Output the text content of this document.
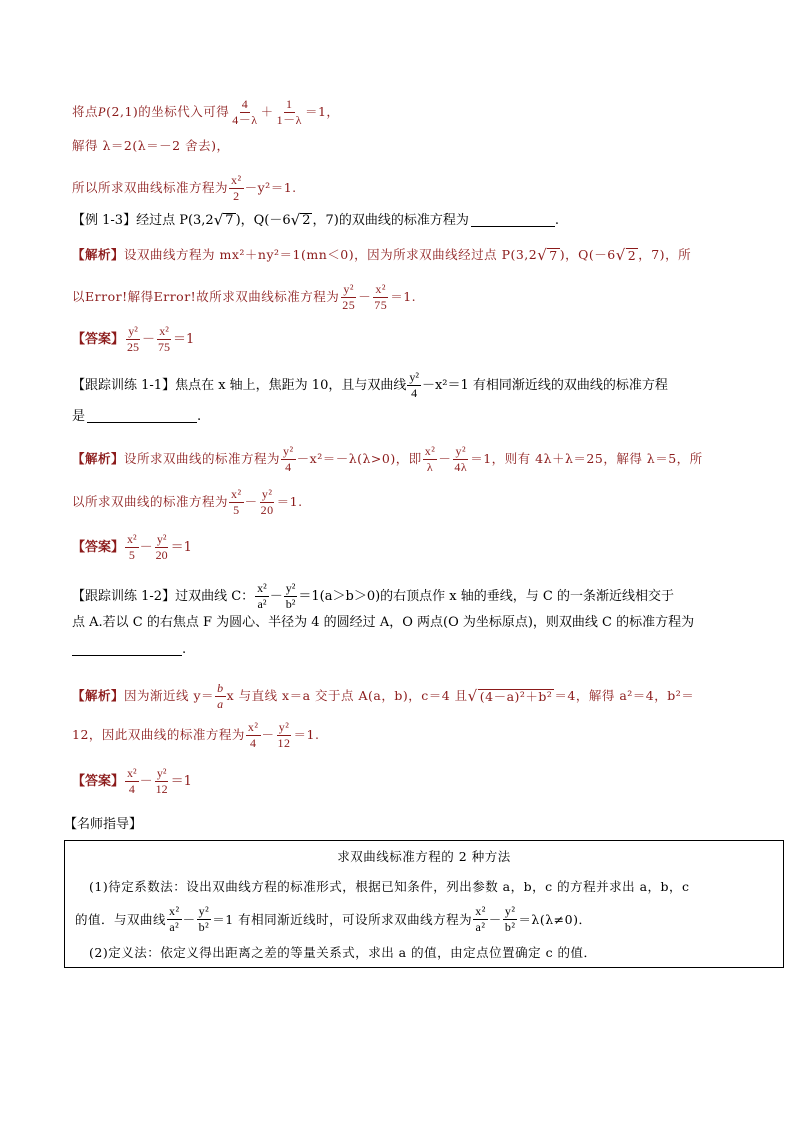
将点 P (2,1)的坐标代入可得 $\frac{4}{4-\lambda} + \frac{1}{1-\lambda} =1$，
解得 λ＝2(λ＝－2 舍去)，
所以所求双曲线标准方程为 $\frac{\text{x²}}{2} -y^2=1$.
【例 1-3】 经过点 P(3,2 √ 7 )，Q(－6 √ 2 ，7)的双曲线的标准方程为	.
【解析】 设双曲线方程为 mx²＋ny²＝1(mn＜0)，因为所求双曲线经过点 P(3,2 √ 7 )，Q(－6 √ 2 ，7)，所
以Error!解得Error!故所求双曲线标准方程为 $\frac{\text{y²}}{25} - \frac{\text{x²}}{75} =1$.
【答案】 $\frac{\text{y²}}{25} - \frac{\text{x²}}{75} =1$
【跟踪训练 1-1】 焦点在 x 轴上，焦距为 10，且与双曲线 $\frac{\text{y²}}{4} -x^2=1$ 有相同渐近线的双曲线的标准方程
是	.
【解析】 设所求双曲线的标准方程为 $\frac{\text{y²}}{4} -x^2=-\lambda(\lambda>0)$，即 $\frac{\text{x²}}{\lambda} - \frac{\text{y²}}{4\lambda} =1$，则有 4λ＋λ＝25，解得 λ＝5，所
以所求双曲线的标准方程为 $\frac{\text{x²}}{5} - \frac{\text{y²}}{20} =1$.
【答案】 $\frac{\text{x²}}{5} - \frac{\text{y²}}{20} =1$
【跟踪训练 1-2】 过双曲线 C： $\frac{\text{x²}}{\text{a²}} - \frac{\text{y²}}{\text{b²}} =1(a>b>0)$的右顶点作 x 轴的垂线，与 C 的一条渐近线相交于
点 A.若以 C 的右焦点 F 为圆心、半径为 4 的圆经过 A，O 两点(O 为坐标原点)，则双曲线 C 的标准方程为
.
【解析】 因为渐近线 $y= \frac{b}{a}$ x 与直线 x＝a 交于点 A(a，b)，c＝4 且 √ (4－a)²＋b² ＝4，解得 a²＝4，b²＝
12，因此双曲线的标准方程为 $\frac{\text{x²}}{4} - \frac{\text{y²}}{12} =1$.
【答案】 $\frac{\text{x²}}{4} - \frac{\text{y²}}{12} =1$
【名师指导】
求双曲线标准方程的 2 种方法
(1)待定系数法：设出双曲线方程的标准形式，根据已知条件，列出参数 a，b，c 的方程并求出 a，b，c
的值．与双曲线 $\frac{\text{x²}}{\text{a²}} - \frac{\text{y²}}{\text{b²}} =1$ 有相同渐近线时，可设所求双曲线方程为 $\frac{\text{x²}}{\text{a²}} - \frac{\text{y²}}{\text{b²}} =\lambda(\lambda\ne 0)$．
(2)定义法：依定义得出距离之差的等量关系式，求出 a 的值，由定点位置确定 c 的值．
